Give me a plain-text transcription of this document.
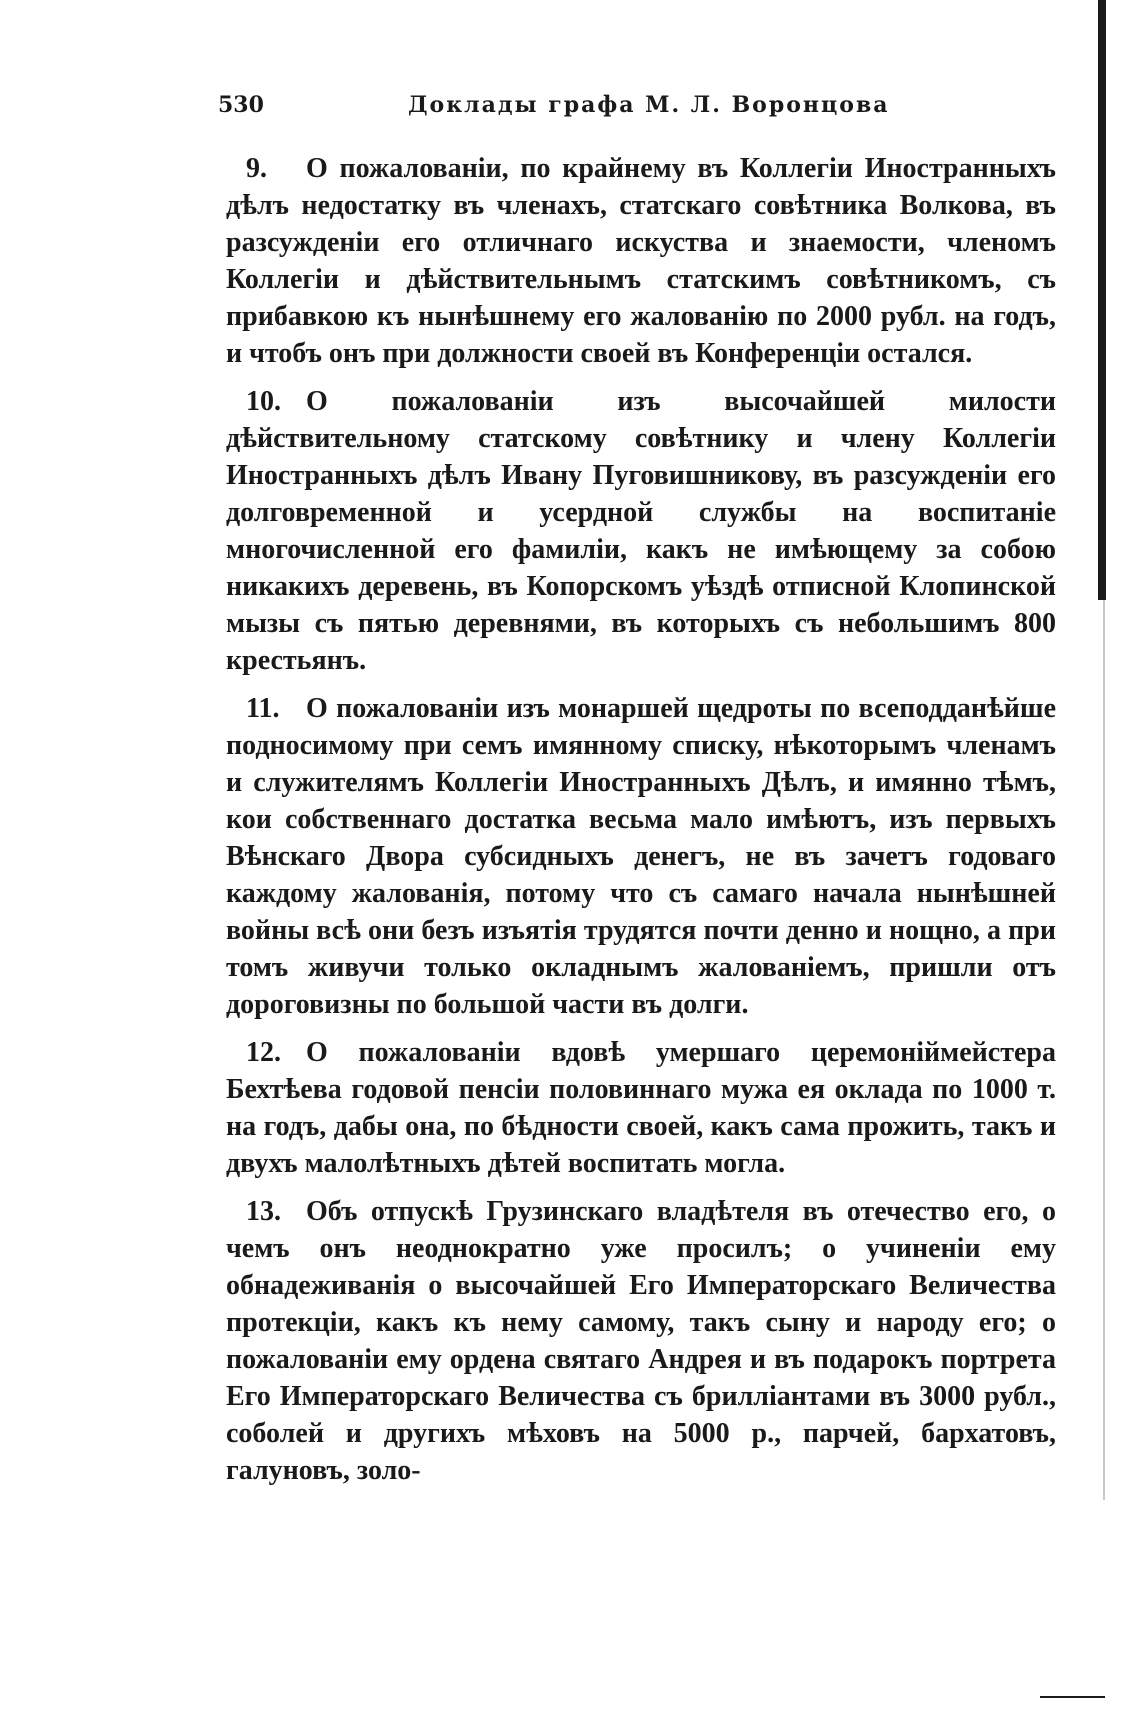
530	Доклады графа М. Л. Воронцова

9. О пожалованіи, по крайнему въ Коллегіи Иностранныхъ дѣлъ недостатку въ членахъ, статскаго совѣтника Волкова, въ разсужденіи его отличнаго искуства и знаемости, членомъ Коллегіи и дѣйствительнымъ статскимъ совѣтникомъ, съ прибавкою къ нынѣшнему его жалованію по 2000 рубл. на годъ, и чтобъ онъ при должности своей въ Конференціи остался.

10. О пожалованіи изъ высочайшей милости дѣйствительному статскому совѣтнику и члену Коллегіи Иностранныхъ дѣлъ Ивану Пуговишникову, въ разсужденіи его долговременной и усердной службы на воспитаніе многочисленной его фамиліи, какъ не имѣющему за собою никакихъ деревень, въ Копорскомъ уѣздѣ отписной Клопинской мызы съ пятью деревнями, въ которыхъ съ небольшимъ 800 крестьянъ.

11. О пожалованіи изъ монаршей щедроты по всеподданѣйше подносимому при семъ имянному списку, нѣкоторымъ членамъ и служителямъ Коллегіи Иностранныхъ Дѣлъ, и имянно тѣмъ, кои собственнаго достатка весьма мало имѣютъ, изъ первыхъ Вѣнскаго Двора субсидныхъ денегъ, не въ зачетъ годоваго каждому жалованія, потому что съ самаго начала нынѣшней войны всѣ они безъ изъятія трудятся почти денно и нощно, а при томъ живучи только окладнымъ жалованіемъ, пришли отъ дороговизны по большой части въ долги.

12. О пожалованіи вдовѣ умершаго церемоніймейстера Бехтѣева годовой пенсіи половиннаго мужа ея оклада по 1000 т. на годъ, дабы она, по бѣдности своей, какъ сама прожить, такъ и двухъ малолѣтныхъ дѣтей воспитать могла.

13. Объ отпускѣ Грузинскаго владѣтеля въ отечество его, о чемъ онъ неоднократно уже просилъ; о учиненіи ему обнадеживанія о высочайшей Его Императорскаго Величества протекціи, какъ къ нему самому, такъ сыну и народу его; о пожалованіи ему ордена святаго Андрея и въ подарокъ портрета Его Императорскаго Величества съ бриллiантами въ 3000 рубл., соболей и другихъ мѣховъ на 5000 р., парчей, бархатовъ, галуновъ, золо-
